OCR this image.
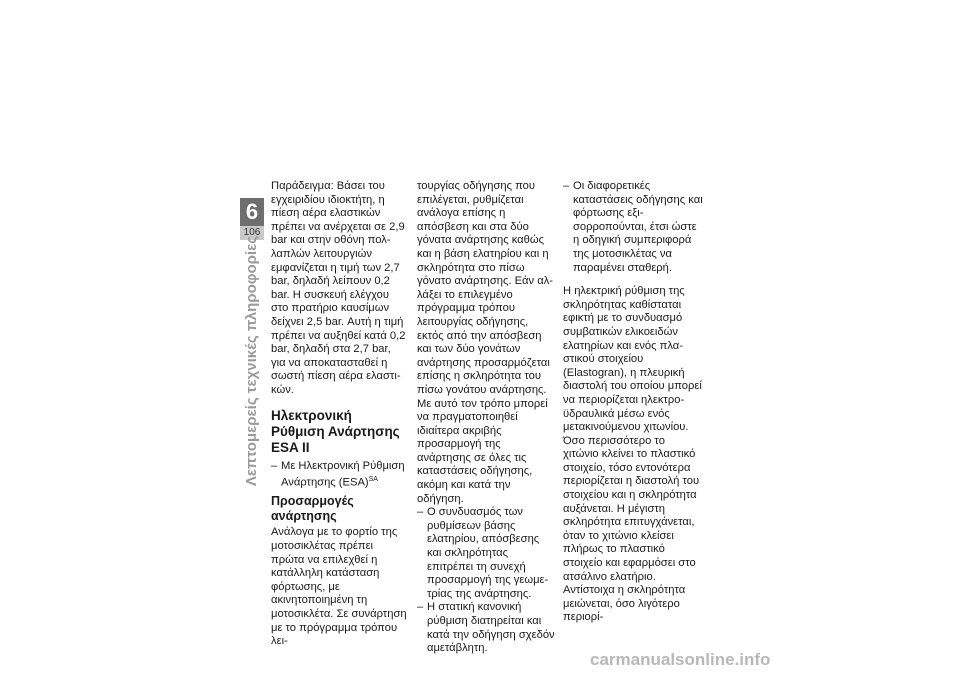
6
106
Λεπτομερείς τεχνικές πληροφορίες

Παράδειγμα: Βάσει του εγχειριδίου ιδιοκτήτη, η πίεση αέρα ελαστικών πρέπει να ανέρχεται σε 2,9 bar και στην οθόνη πολλαπλών λειτουργιών εμφανίζεται η τιμή των 2,7 bar, δηλαδή λείπουν 0,2 bar. Η συσκευή ελέγχου στο πρατήριο καυσίμων δείχνει 2,5 bar. Αυτή η τιμή πρέπει να αυξηθεί κατά 0,2 bar, δηλαδή στα 2,7 bar, για να αποκατασταθεί η σωστή πίεση αέρα ελαστικών.

Ηλεκτρονική Ρύθμιση Ανάρτησης ESA II
– Με Ηλεκτρονική Ρύθμιση Ανάρτησης (ESA)$^{SA}$
Προσαρμογές ανάρτησης

Ανάλογα με το φορτίο της μοτοσικλέτας πρέπει πρώτα να επιλεχθεί η κατάλληλη κατάσταση φόρτωσης, με ακινητοποιημένη τη μοτοσικλέτα. Σε συνάρτηση με το πρόγραμμα τρόπου λει-

τουργίας οδήγησης που επιλέγεται, ρυθμίζεται ανάλογα επίσης η απόσβεση και στα δύο γόνατα ανάρτησης καθώς και η βάση ελατηρίου και η σκληρότητα στο πίσω γόνατο ανάρτησης. Εάν αλλάξει το επιλεγμένο πρόγραμμα τρόπου λειτουργίας οδήγησης, εκτός από την απόσβεση και των δύο γονάτων ανάρτησης προσαρμόζεται επίσης η σκληρότητα του πίσω γονάτου ανάρτησης. Με αυτό τον τρόπο μπορεί να πραγματοποιηθεί ιδιαίτερα ακριβής προσαρμογή της ανάρτησης σε όλες τις καταστάσεις οδήγησης, ακόμη και κατά την οδήγηση.

– Ο συνδυασμός των ρυθμίσεων βάσης ελατηρίου, απόσβεσης και σκληρότητας επιτρέπει τη συνεχή προσαρμογή της γεωμετρίας της ανάρτησης.
– Η στατική κανονική ρύθμιση διατηρείται και κατά την οδήγηση σχεδόν αμετάβλητη.
– Οι διαφορετικές καταστάσεις οδήγησης και φόρτωσης εξισορροπούνται, έτσι ώστε η οδηγική συμπεριφορά της μοτοσικλέτας να παραμένει σταθερή.

Η ηλεκτρική ρύθμιση της σκληρότητας καθίσταται εφικτή με το συνδυασμό συμβατικών ελικοειδών ελατηρίων και ενός πλαστικού στοιχείου (Elastogran), η πλευρική διαστολή του οποίου μπορεί να περιορίζεται ηλεκτροϋδραυλικά μέσω ενός μετακινούμενου χιτωνίου. Όσο περισσότερο το χιτώνιο κλείνει το πλαστικό στοιχείο, τόσο εντονότερα περιορίζεται η διαστολή του στοιχείου και η σκληρότητα αυξάνεται. Η μέγιστη σκληρότητα επιτυγχάνεται, όταν το χιτώνιο κλείσει πλήρως το πλαστικό στοιχείο και εφαρμόσει στο ατσάλινο ελατήριο. Αντίστοιχα η σκληρότητα μειώνεται, όσο λιγότερο περιορί-

carmanualsonline.info
